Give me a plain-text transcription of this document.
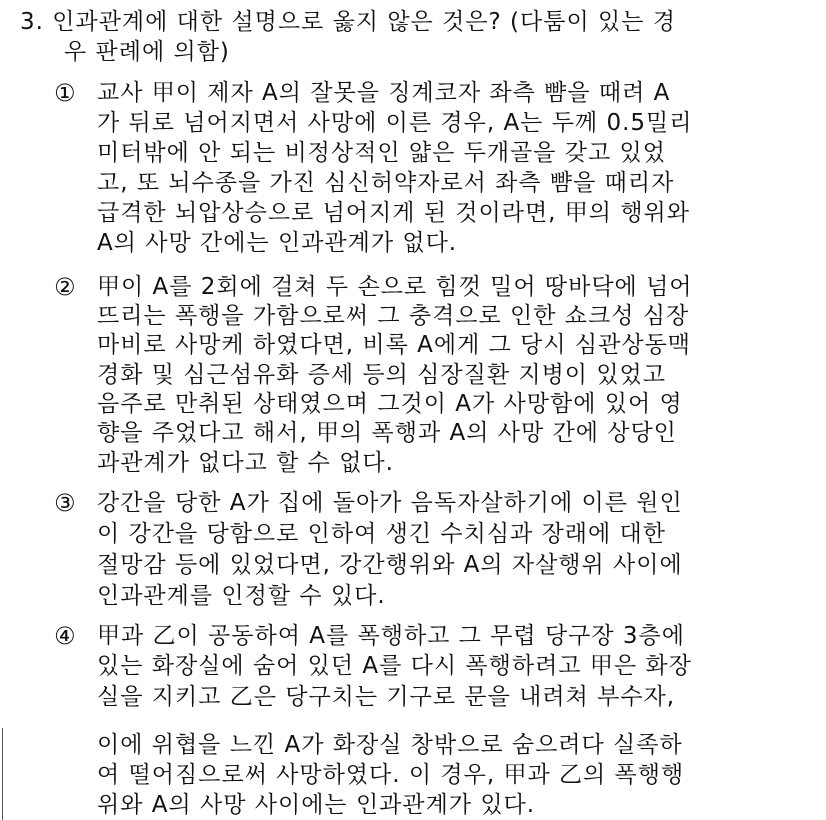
3. 인과관계에 대한 설명으로 옳지 않은 것은? (다툼이 있는 경
우 판례에 의함)
① 교사 甲이 제자 A의 잘못을 징계코자 좌측 뺨을 때려 A
가 뒤로 넘어지면서 사망에 이른 경우, A는 두께 0.5밀리
미터밖에 안 되는 비정상적인 얇은 두개골을 갖고 있었
고, 또 뇌수종을 가진 심신허약자로서 좌측 뺨을 때리자
급격한 뇌압상승으로 넘어지게 된 것이라면, 甲의 행위와
A의 사망 간에는 인과관계가 없다.
② 甲이 A를 2회에 걸쳐 두 손으로 힘껏 밀어 땅바닥에 넘어
뜨리는 폭행을 가함으로써 그 충격으로 인한 쇼크성 심장
마비로 사망케 하였다면, 비록 A에게 그 당시 심관상동맥
경화 및 심근섬유화 증세 등의 심장질환 지병이 있었고
음주로 만취된 상태였으며 그것이 A가 사망함에 있어 영
향을 주었다고 해서, 甲의 폭행과 A의 사망 간에 상당인
과관계가 없다고 할 수 없다.
③ 강간을 당한 A가 집에 돌아가 음독자살하기에 이른 원인
이 강간을 당함으로 인하여 생긴 수치심과 장래에 대한
절망감 등에 있었다면, 강간행위와 A의 자살행위 사이에
인과관계를 인정할 수 있다.
④ 甲과 乙이 공동하여 A를 폭행하고 그 무렵 당구장 3층에
있는 화장실에 숨어 있던 A를 다시 폭행하려고 甲은 화장
실을 지키고 乙은 당구치는 기구로 문을 내려쳐 부수자,
이에 위협을 느낀 A가 화장실 창밖으로 숨으려다 실족하
여 떨어짐으로써 사망하였다. 이 경우, 甲과 乙의 폭행행
위와 A의 사망 사이에는 인과관계가 있다.
